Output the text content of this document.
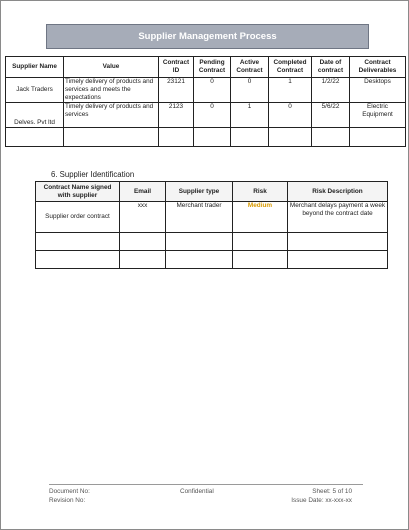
Supplier Management Process
Supplier Name	Value	Contract ID	Pending Contract	Active Contract	Completed Contract	Date of contract	Contract Deliverables
Jack Traders	Timely delivery of products and services and meets the expectations	23121	0	0	1	1/2/22	Desktops
Delves. Pvt ltd	Timely delivery of products and services	2123	0	1	0	5/6/22	Electric Equipment

6. Supplier Identification
Contract Name signed with supplier	Email	Supplier type	Risk	Risk Description
Supplier order contract	xxx	Merchant trader	Medium	Merchant delays payment a week beyond the contract date

Document No:
Revision No:
Confidential	Sheet: 5 of 10
Issue Date: xx-xxx-xx
